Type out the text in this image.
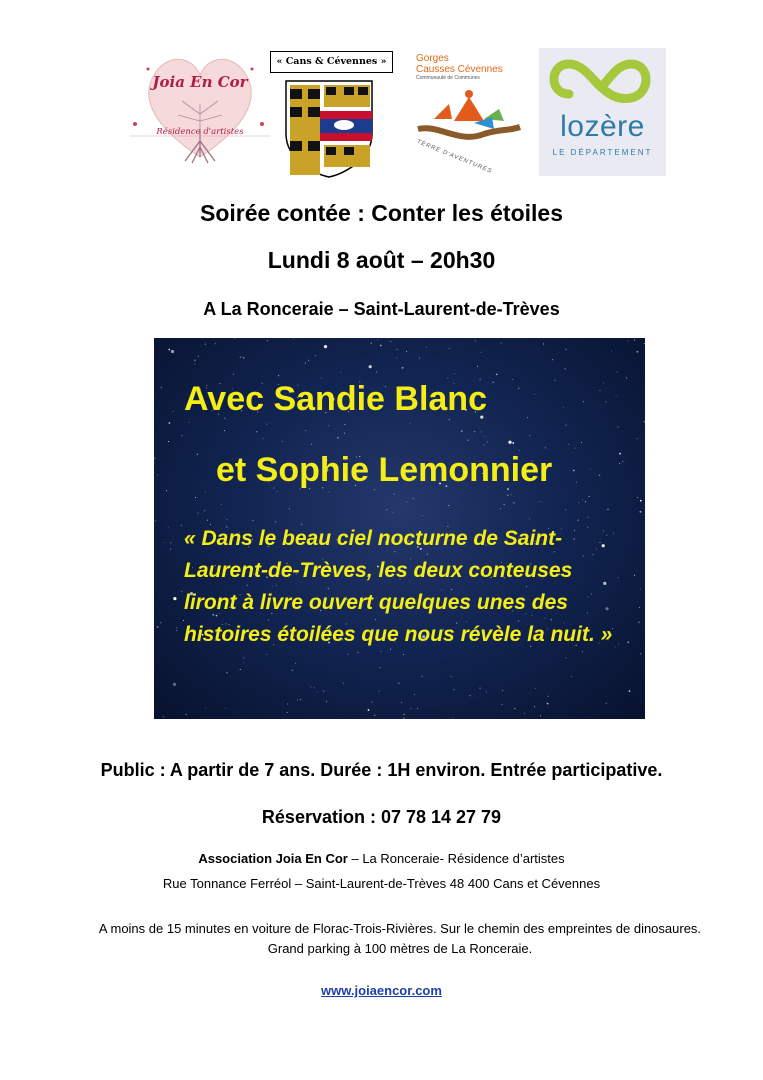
Joia En Cor
Résidence d'artistes
« Cans & Cévennes »	Gorges
Causses Cévennes
Communauté de Communes
TERRE D'AVENTURES
lozère
LE DÉPARTEMENT
Soirée contée : Conter les étoiles
Lundi 8 août – 20h30
A La Ronceraie – Saint-Laurent-de-Trèves
Avec Sandie Blanc
et Sophie Lemonnier
« Dans le beau ciel nocturne de Saint-Laurent-de-Trèves, les deux conteuses liront à livre ouvert quelques unes des histoires étoilées que nous révèle la nuit. »
Public : A partir de 7 ans. Durée : 1H environ. Entrée participative.
Réservation : 07 78 14 27 79
Association Joia En Cor – La Ronceraie- Résidence d’artistes
Rue Tonnance Ferréol – Saint-Laurent-de-Trèves 48 400 Cans et Cévennes
A moins de 15 minutes en voiture de Florac-Trois-Rivières. Sur le chemin des empreintes de dinosaures. Grand parking à 100 mètres de La Ronceraie.
www.joiaencor.com
